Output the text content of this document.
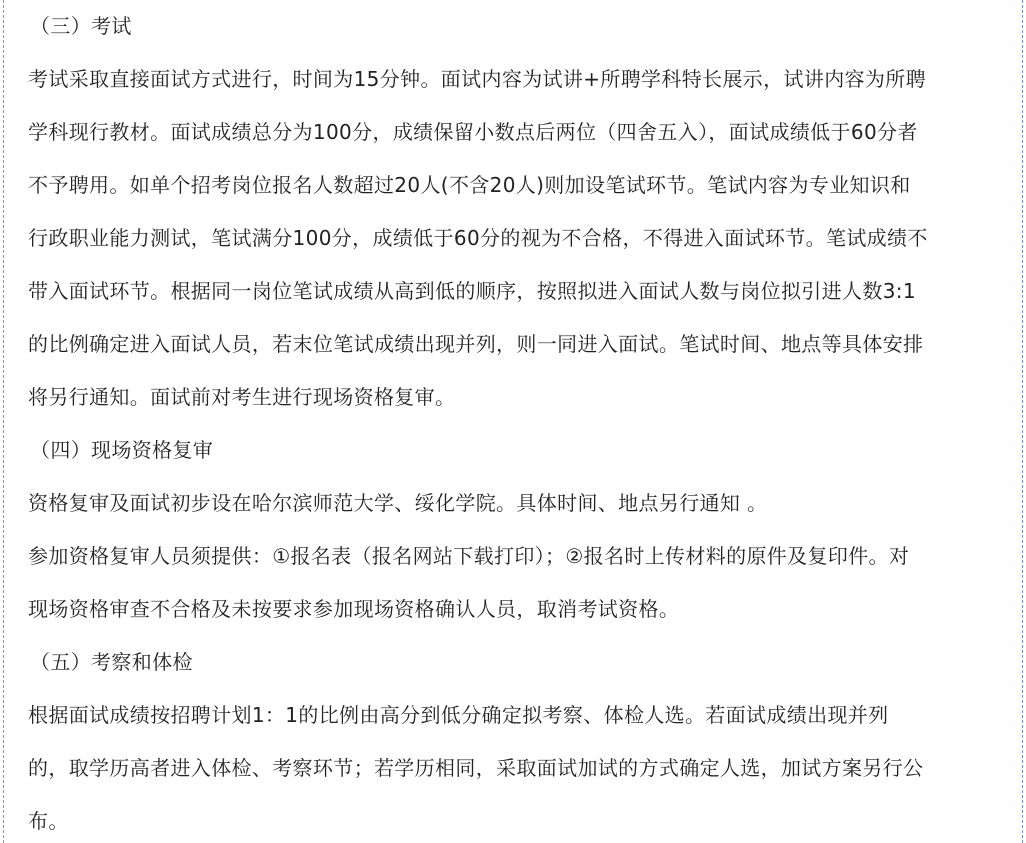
（三）考试
考试采取直接面试方式进行，时间为15分钟。面试内容为试讲+所聘学科特长展示，试讲内容为所聘
学科现行教材。面试成绩总分为100分，成绩保留小数点后两位（四舍五入），面试成绩低于60分者
不予聘用。如单个招考岗位报名人数超过20人(不含20人)则加设笔试环节。笔试内容为专业知识和
行政职业能力测试，笔试满分100分，成绩低于60分的视为不合格，不得进入面试环节。笔试成绩不
带入面试环节。根据同一岗位笔试成绩从高到低的顺序，按照拟进入面试人数与岗位拟引进人数3:1
的比例确定进入面试人员，若末位笔试成绩出现并列，则一同进入面试。笔试时间、地点等具体安排
将另行通知。面试前对考生进行现场资格复审。
（四）现场资格复审
资格复审及面试初步设在哈尔滨师范大学、绥化学院。具体时间、地点另行通知 。
参加资格复审人员须提供：①报名表（报名网站下载打印）；②报名时上传材料的原件及复印件。对
现场资格审查不合格及未按要求参加现场资格确认人员，取消考试资格。
（五）考察和体检
根据面试成绩按招聘计划1：1的比例由高分到低分确定拟考察、体检人选。若面试成绩出现并列
的，取学历高者进入体检、考察环节；若学历相同，采取面试加试的方式确定人选，加试方案另行公
布。
